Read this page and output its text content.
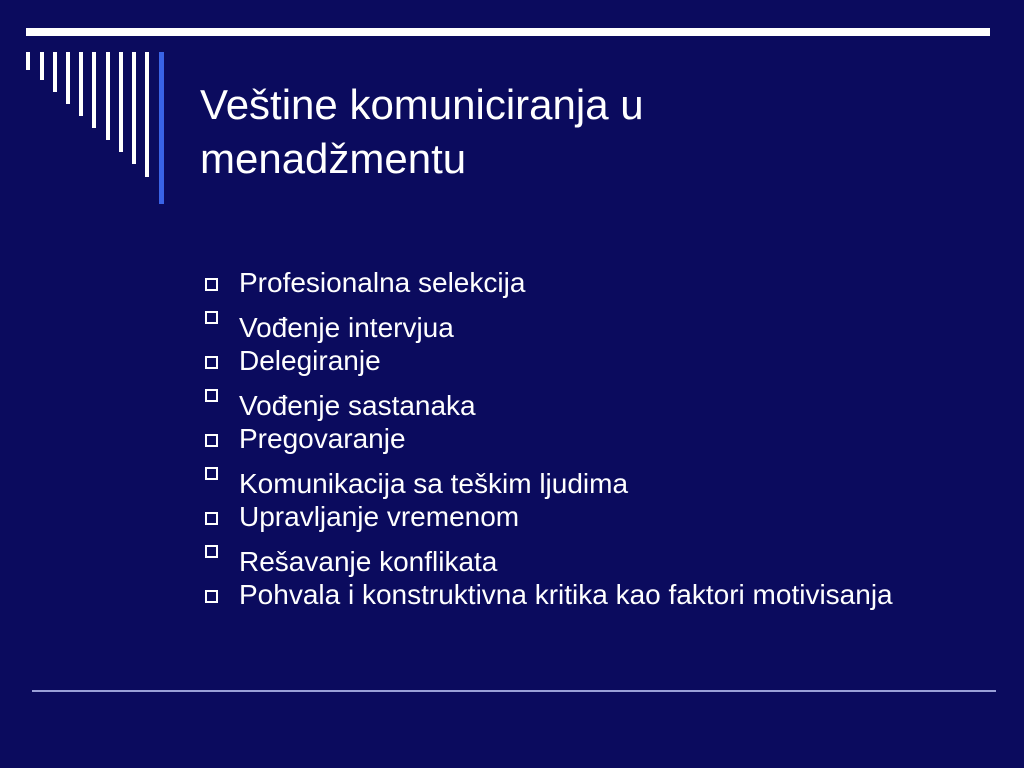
Veštine komuniciranja u
menadžmentu
Profesionalna selekcija
Vođenje intervjua
Delegiranje
Vođenje sastanaka
Pregovaranje
Komunikacija sa teškim ljudima
Upravljanje vremenom
Rešavanje konflikata
Pohvala i konstruktivna kritika kao faktori motivisanja
